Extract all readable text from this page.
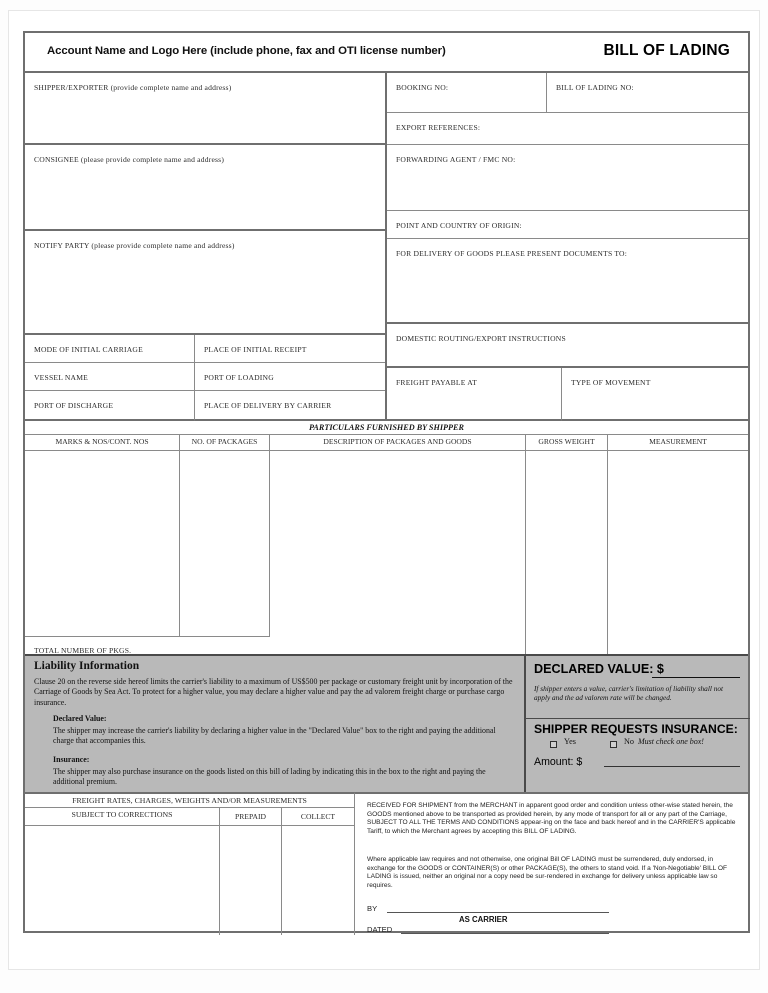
Account Name and Logo Here (include phone, fax and OTI license number)	BILL OF LADING
SHIPPER/EXPORTER (provide complete name and address)
CONSIGNEE (please provide complete name and address)
NOTIFY PARTY (please provide complete name and address)
MODE OF INITIAL CARRIAGE	PLACE OF INITIAL RECEIPT
VESSEL NAME	PORT OF LOADING
PORT OF DISCHARGE	PLACE OF DELIVERY BY CARRIER
BOOKING NO:	BILL OF LADING NO:
EXPORT REFERENCES:
FORWARDING AGENT / FMC NO:
POINT AND COUNTRY OF ORIGIN:
FOR DELIVERY OF GOODS PLEASE PRESENT DOCUMENTS TO:
DOMESTIC ROUTING/EXPORT INSTRUCTIONS
FREIGHT PAYABLE AT	TYPE OF MOVEMENT
PARTICULARS FURNISHED BY SHIPPER
MARKS & NOS/CONT. NOS	NO. OF PACKAGES	DESCRIPTION OF PACKAGES AND GOODS	GROSS WEIGHT	MEASUREMENT
TOTAL NUMBER OF PKGS.
Liability Information
Clause 20 on the reverse side hereof limits the carrier's liability to a maximum of US$500 per package or customary freight unit by incorporation of the Carriage of Goods by Sea Act. To protect for a higher value, you may declare a higher value and pay the ad valorem freight charge or purchase cargo insurance.
Declared Value:
The shipper may increase the carrier's liability by declaring a higher value in the "Declared Value" box to the right and paying the additional charge that accompanies this.
Insurance:
The shipper may also purchase insurance on the goods listed on this bill of lading by indicating this in the box to the right and paying the additional premium.
DECLARED VALUE: $
If shipper enters a value, carrier's limitation of liability shall not apply and the ad valorem rate will be changed.
SHIPPER REQUESTS INSURANCE:
Yes	No Must check one box!
Amount: $
FREIGHT RATES, CHARGES, WEIGHTS AND/OR MEASUREMENTS
SUBJECT TO CORRECTIONS	PREPAID	COLLECT
RECEIVED FOR SHIPMENT from the MERCHANT in apparent good order and condition unless other-wise stated herein, the GOODS mentioned above to be transported as provided herein, by any mode of transport for all or any part of the Carriage, SUBJECT TO ALL THE TERMS AND CONDITIONS appear-ing on the face and back hereof and in the CARRIER'S applicable Tariff, to which the Merchant agrees by accepting this BILL OF LADING.
Where applicable law requires and not othenwise, one original Bill OF LADING must be surrendered, duly endorsed, in exchange for the GOODS or CONTAINER(S) or other PACKAGE(S), the others to stand void. If a 'Non-Negotiable' BILL OF LADING is issued, neither an original nor a copy need be sur-rendered in exchange for delivery unless applicable law so requires.
BY
AS CARRIER
DATED
